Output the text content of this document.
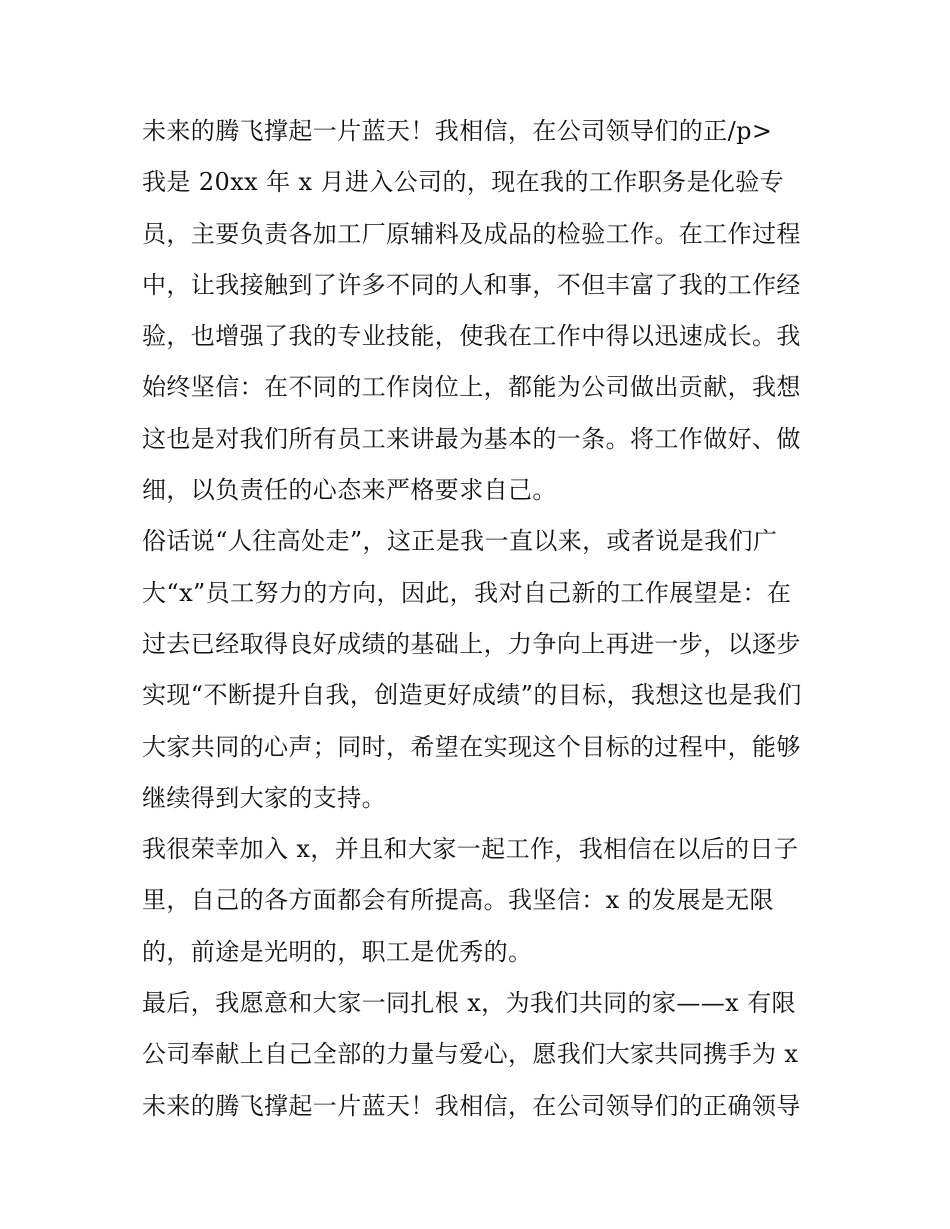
未来的腾飞撑起一片蓝天！我相信，在公司领导们的正/p>
我是 20xx 年 x 月进入公司的，现在我的工作职务是化验专
员，主要负责各加工厂原辅料及成品的检验工作。在工作过程
中，让我接触到了许多不同的人和事，不但丰富了我的工作经
验，也增强了我的专业技能，使我在工作中得以迅速成长。我
始终坚信：在不同的工作岗位上，都能为公司做出贡献，我想
这也是对我们所有员工来讲最为基本的一条。将工作做好、做
细，以负责任的心态来严格要求自己。
俗话说“人往高处走”，这正是我一直以来，或者说是我们广
大“x”员工努力的方向，因此，我对自己新的工作展望是：在
过去已经取得良好成绩的基础上，力争向上再进一步，以逐步
实现“不断提升自我，创造更好成绩”的目标，我想这也是我们
大家共同的心声；同时，希望在实现这个目标的过程中，能够
继续得到大家的支持。
我很荣幸加入 x，并且和大家一起工作，我相信在以后的日子
里，自己的各方面都会有所提高。我坚信：x 的发展是无限
的，前途是光明的，职工是优秀的。
最后，我愿意和大家一同扎根 x，为我们共同的家——x 有限
公司奉献上自己全部的力量与爱心，愿我们大家共同携手为 x
未来的腾飞撑起一片蓝天！我相信，在公司领导们的正确领导
